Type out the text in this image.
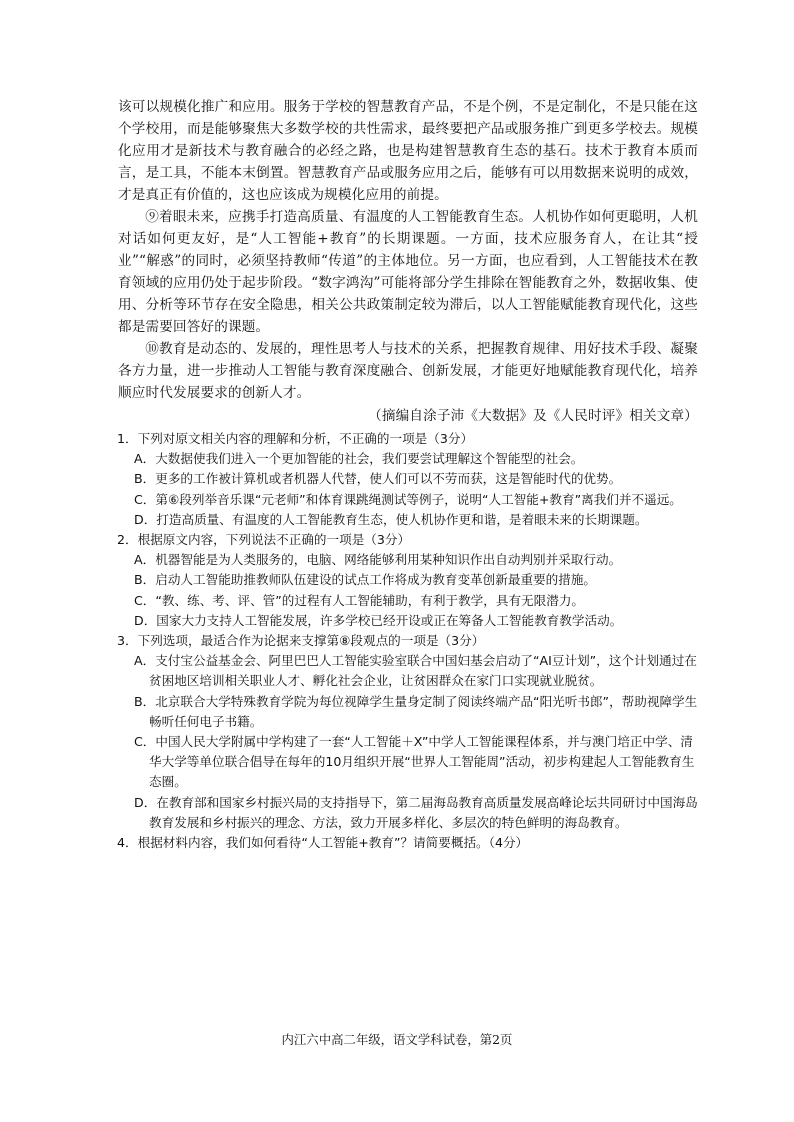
该可以规模化推广和应用。服务于学校的智慧教育产品，不是个例，不是定制化，不是只能在这个学校用，而是能够聚焦大多数学校的共性需求，最终要把产品或服务推广到更多学校去。规模化应用才是新技术与教育融合的必经之路，也是构建智慧教育生态的基石。技术于教育本质而言，是工具，不能本末倒置。智慧教育产品或服务应用之后，能够有可以用数据来说明的成效，才是真正有价值的，这也应该成为规模化应用的前提。

⑨着眼未来，应携手打造高质量、有温度的人工智能教育生态。人机协作如何更聪明，人机对话如何更友好，是“人工智能+教育”的长期课题。一方面，技术应服务育人，在让其“授业”“解惑”的同时，必须坚持教师“传道”的主体地位。另一方面，也应看到，人工智能技术在教育领域的应用仍处于起步阶段。“数字鸿沟”可能将部分学生排除在智能教育之外，数据收集、使用、分析等环节存在安全隐患，相关公共政策制定较为滞后，以人工智能赋能教育现代化，这些都是需要回答好的课题。

⑩教育是动态的、发展的，理性思考人与技术的关系，把握教育规律、用好技术手段、凝聚各方力量，进一步推动人工智能与教育深度融合、创新发展，才能更好地赋能教育现代化，培养顺应时代发展要求的创新人才。

（摘编自涂子沛《大数据》及《人民时评》相关文章）

1．下列对原文相关内容的理解和分析，不正确的一项是（3分）

A．大数据使我们进入一个更加智能的社会，我们要尝试理解这个智能型的社会。

B．更多的工作被计算机或者机器人代替，使人们可以不劳而获，这是智能时代的优势。

C．第⑥段列举音乐课“元老师”和体育课跳绳测试等例子，说明“人工智能+教育”离我们并不遥远。

D．打造高质量、有温度的人工智能教育生态，使人机协作更和谐，是着眼未来的长期课题。

2．根据原文内容，下列说法不正确的一项是（3分）

A．机器智能是为人类服务的，电脑、网络能够利用某种知识作出自动判别并采取行动。

B．启动人工智能助推教师队伍建设的试点工作将成为教育变革创新最重要的措施。

C．“教、练、考、评、管”的过程有人工智能辅助，有利于教学，具有无限潜力。

D．国家大力支持人工智能发展，许多学校已经开设或正在筹备人工智能教育教学活动。

3．下列选项，最适合作为论据来支撑第⑧段观点的一项是（3分）

A．支付宝公益基金会、阿里巴巴人工智能实验室联合中国妇基会启动了“AI豆计划”，这个计划通过在贫困地区培训相关职业人才、孵化社会企业，让贫困群众在家门口实现就业脱贫。

B．北京联合大学特殊教育学院为每位视障学生量身定制了阅读终端产品“阳光听书郎”，帮助视障学生畅听任何电子书籍。

C．中国人民大学附属中学构建了一套“人工智能＋X”中学人工智能课程体系，并与澳门培正中学、清华大学等单位联合倡导在每年的10月组织开展“世界人工智能周”活动，初步构建起人工智能教育生态圈。

D．在教育部和国家乡村振兴局的支持指导下，第二届海岛教育高质量发展高峰论坛共同研讨中国海岛教育发展和乡村振兴的理念、方法，致力开展多样化、多层次的特色鲜明的海岛教育。

4．根据材料内容，我们如何看待“人工智能+教育”？请简要概括。（4分）

内江六中高二年级，语文学科试卷，第2页
